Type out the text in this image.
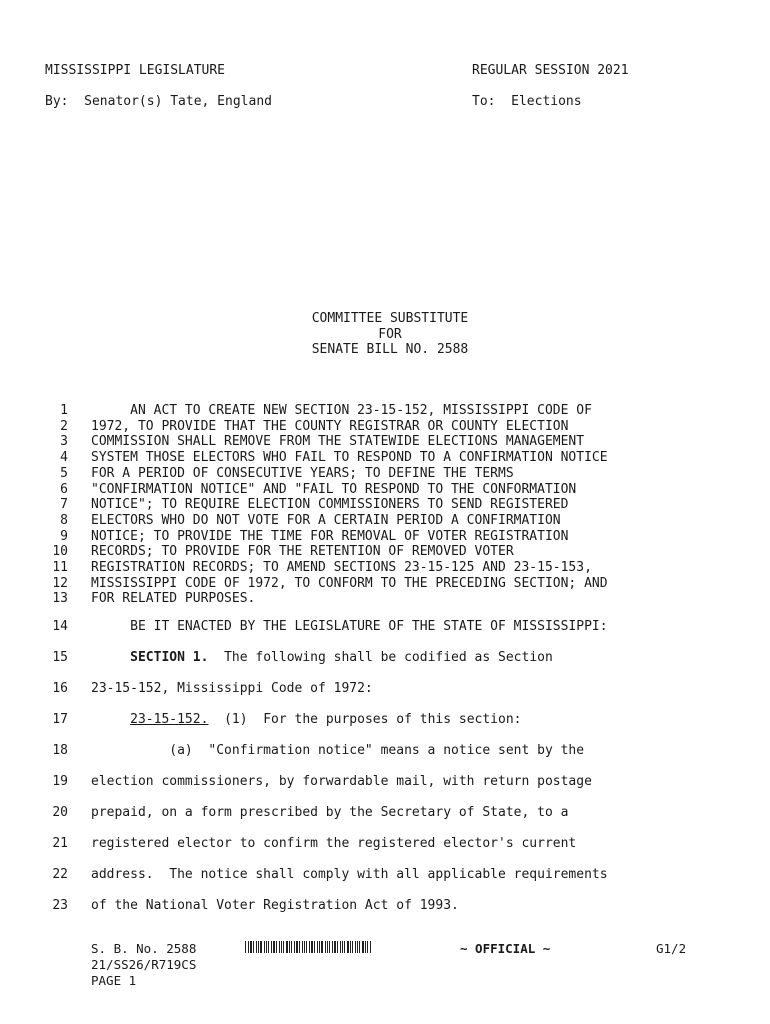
MISSISSIPPI LEGISLATURE	REGULAR SESSION 2021
By:  Senator(s) Tate, England	To:  Elections
COMMITTEE SUBSTITUTE
FOR
SENATE BILL NO. 2588
1 AN ACT TO CREATE NEW SECTION 23-15-152, MISSISSIPPI CODE OF
2 1972, TO PROVIDE THAT THE COUNTY REGISTRAR OR COUNTY ELECTION
3 COMMISSION SHALL REMOVE FROM THE STATEWIDE ELECTIONS MANAGEMENT
4 SYSTEM THOSE ELECTORS WHO FAIL TO RESPOND TO A CONFIRMATION NOTICE
5 FOR A PERIOD OF CONSECUTIVE YEARS; TO DEFINE THE TERMS
6 "CONFIRMATION NOTICE" AND "FAIL TO RESPOND TO THE CONFORMATION
7 NOTICE"; TO REQUIRE ELECTION COMMISSIONERS TO SEND REGISTERED
8 ELECTORS WHO DO NOT VOTE FOR A CERTAIN PERIOD A CONFIRMATION
9 NOTICE; TO PROVIDE THE TIME FOR REMOVAL OF VOTER REGISTRATION
10 RECORDS; TO PROVIDE FOR THE RETENTION OF REMOVED VOTER
11 REGISTRATION RECORDS; TO AMEND SECTIONS 23-15-125 AND 23-15-153,
12 MISSISSIPPI CODE OF 1972, TO CONFORM TO THE PRECEDING SECTION; AND
13 FOR RELATED PURPOSES.
14 BE IT ENACTED BY THE LEGISLATURE OF THE STATE OF MISSISSIPPI:
15	SECTION 1.  The following shall be codified as Section
16 23-15-152, Mississippi Code of 1972:
17	23-15-152.  (1)  For the purposes of this section:
18 (a)  "Confirmation notice" means a notice sent by the
19 election commissioners, by forwardable mail, with return postage
20 prepaid, on a form prescribed by the Secretary of State, to a
21 registered elector to confirm the registered elector's current
22 address.  The notice shall comply with all applicable requirements
23 of the National Voter Registration Act of 1993.
S. B. No. 2588	~ OFFICIAL ~	G1/2
21/SS26/R719CS
PAGE 1
